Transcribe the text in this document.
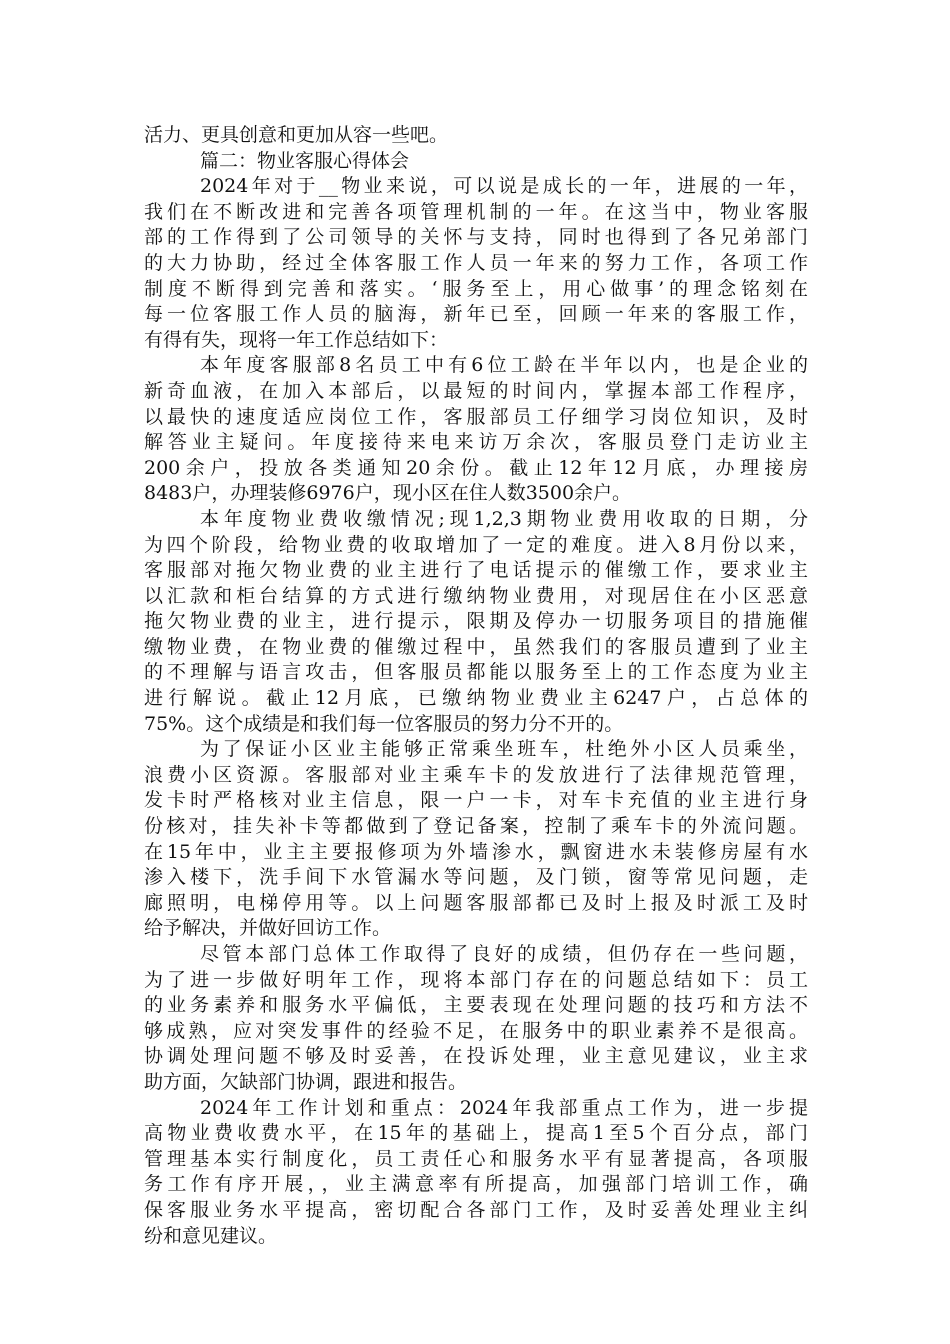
活力、更具创意和更加从容一些吧。
篇二：物业客服心得体会
2024年对于__物业来说，可以说是成长的一年，进展的一年，
我们在不断改进和完善各项管理机制的一年。在这当中，物业客服
部的工作得到了公司领导的关怀与支持，同时也得到了各兄弟部门
的大力协助，经过全体客服工作人员一年来的努力工作，各项工作
制度不断得到完善和落实。‘服务至上，用心做事’的理念铭刻在
每一位客服工作人员的脑海，新年已至，回顾一年来的客服工作，
有得有失，现将一年工作总结如下：
本年度客服部8名员工中有6位工龄在半年以内，也是企业的
新奇血液，在加入本部后，以最短的时间内，掌握本部工作程序，
以最快的速度适应岗位工作，客服部员工仔细学习岗位知识，及时
解答业主疑问。年度接待来电来访万余次，客服员登门走访业主
200余户，投放各类通知20余份。截止12年12月底，办理接房
8483户，办理装修6976户，现小区在住人数3500余户。
本年度物业费收缴情况;现1,2,3期物业费用收取的日期，分
为四个阶段，给物业费的收取增加了一定的难度。进入8月份以来，
客服部对拖欠物业费的业主进行了电话提示的催缴工作，要求业主
以汇款和柜台结算的方式进行缴纳物业费用，对现居住在小区恶意
拖欠物业费的业主，进行提示，限期及停办一切服务项目的措施催
缴物业费，在物业费的催缴过程中，虽然我们的客服员遭到了业主
的不理解与语言攻击，但客服员都能以服务至上的工作态度为业主
进行解说。截止12月底，已缴纳物业费业主6247户，占总体的
75%。这个成绩是和我们每一位客服员的努力分不开的。
为了保证小区业主能够正常乘坐班车，杜绝外小区人员乘坐，
浪费小区资源。客服部对业主乘车卡的发放进行了法律规范管理，
发卡时严格核对业主信息，限一户一卡，对车卡充值的业主进行身
份核对，挂失补卡等都做到了登记备案，控制了乘车卡的外流问题。
在15年中，业主主要报修项为外墙渗水，飘窗进水未装修房屋有水
渗入楼下，洗手间下水管漏水等问题，及门锁，窗等常见问题，走
廊照明，电梯停用等。以上问题客服部都已及时上报及时派工及时
给予解决，并做好回访工作。
尽管本部门总体工作取得了良好的成绩，但仍存在一些问题，
为了进一步做好明年工作，现将本部门存在的问题总结如下：员工
的业务素养和服务水平偏低，主要表现在处理问题的技巧和方法不
够成熟，应对突发事件的经验不足，在服务中的职业素养不是很高。
协调处理问题不够及时妥善，在投诉处理，业主意见建议，业主求
助方面，欠缺部门协调，跟进和报告。
2024年工作计划和重点：2024年我部重点工作为，进一步提
高物业费收费水平，在15年的基础上，提高1至5个百分点，部门
管理基本实行制度化，员工责任心和服务水平有显著提高，各项服
务工作有序开展，，业主满意率有所提高，加强部门培训工作，确
保客服业务水平提高，密切配合各部门工作，及时妥善处理业主纠
纷和意见建议。
